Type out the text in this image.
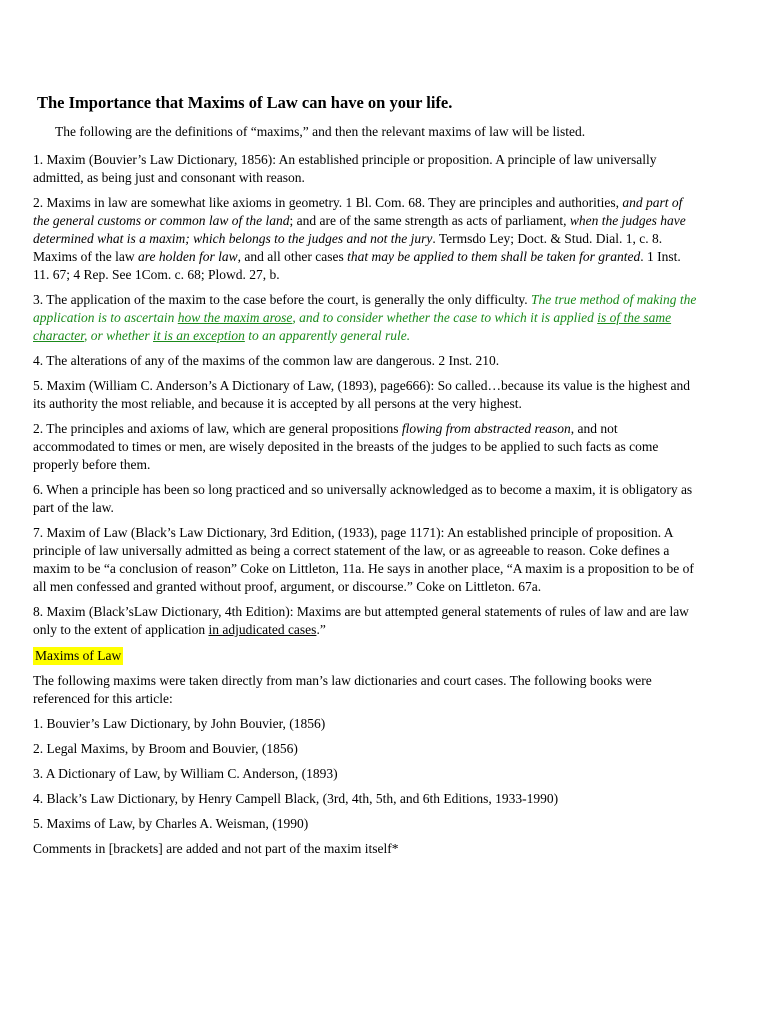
The Importance that Maxims of Law can have on your life.

The following are the definitions of “maxims,” and then the relevant maxims of law will be listed.

1. Maxim (Bouvier’s Law Dictionary, 1856): An established principle or proposition. A principle of law universally admitted, as being just and consonant with reason.

2. Maxims in law are somewhat like axioms in geometry. 1 Bl. Com. 68. They are principles and authorities, and part of the general customs or common law of the land; and are of the same strength as acts of parliament, when the judges have determined what is a maxim; which belongs to the judges and not the jury. Termsdo Ley; Doct. & Stud. Dial. 1, c. 8. Maxims of the law are holden for law, and all other cases that may be applied to them shall be taken for granted. 1 Inst. 11. 67; 4 Rep. See 1Com. c. 68; Plowd. 27, b.

3. The application of the maxim to the case before the court, is generally the only difficulty. The true method of making the application is to ascertain how the maxim arose, and to consider whether the case to which it is applied is of the same character, or whether it is an exception to an apparently general rule.

4. The alterations of any of the maxims of the common law are dangerous. 2 Inst. 210.

5. Maxim (William C. Anderson’s A Dictionary of Law, (1893), page666): So called…because its value is the highest and its authority the most reliable, and because it is accepted by all persons at the very highest.

2. The principles and axioms of law, which are general propositions flowing from abstracted reason, and not accommodated to times or men, are wisely deposited in the breasts of the judges to be applied to such facts as come properly before them.

6. When a principle has been so long practiced and so universally acknowledged as to become a maxim, it is obligatory as part of the law.

7. Maxim of Law (Black’s Law Dictionary, 3rd Edition, (1933), page 1171): An established principle of proposition. A principle of law universally admitted as being a correct statement of the law, or as agreeable to reason. Coke defines a maxim to be “a conclusion of reason” Coke on Littleton, 11a. He says in another place, “A maxim is a proposition to be of all men confessed and granted without proof, argument, or discourse.” Coke on Littleton. 67a.

8. Maxim (Black’sLaw Dictionary, 4th Edition): Maxims are but attempted general statements of rules of law and are law only to the extent of application in adjudicated cases.”

Maxims of Law

The following maxims were taken directly from man’s law dictionaries and court cases. The following books were referenced for this article:

1. Bouvier’s Law Dictionary, by John Bouvier, (1856)

2. Legal Maxims, by Broom and Bouvier, (1856)

3. A Dictionary of Law, by William C. Anderson, (1893)

4. Black’s Law Dictionary, by Henry Campell Black, (3rd, 4th, 5th, and 6th Editions, 1933-1990)

5. Maxims of Law, by Charles A. Weisman, (1990)

Comments in [brackets] are added and not part of the maxim itself*
